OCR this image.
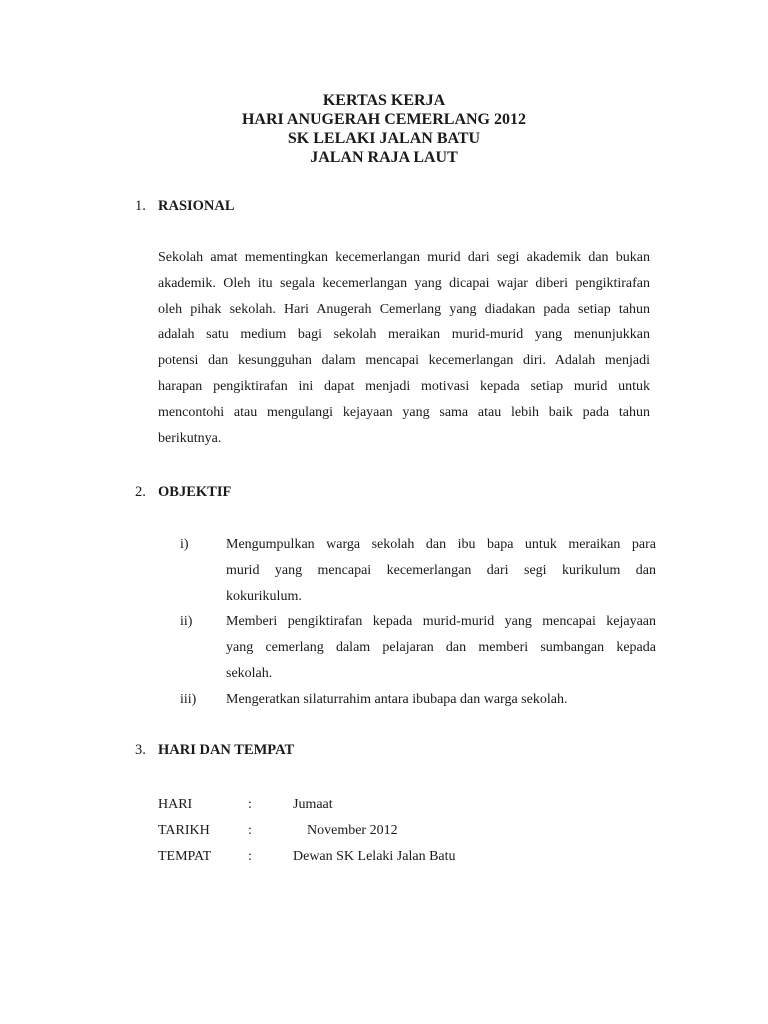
KERTAS KERJA
HARI ANUGERAH CEMERLANG 2012
SK LELAKI JALAN BATU
JALAN RAJA LAUT
1. RASIONAL
Sekolah amat mementingkan kecemerlangan murid dari segi akademik dan bukan
akademik. Oleh itu segala kecemerlangan yang dicapai wajar diberi pengiktirafan
oleh pihak sekolah. Hari Anugerah Cemerlang yang diadakan pada setiap tahun
adalah satu medium bagi sekolah meraikan murid-murid yang menunjukkan
potensi dan kesungguhan dalam mencapai kecemerlangan diri. Adalah menjadi
harapan pengiktirafan ini dapat menjadi motivasi kepada setiap murid untuk
mencontohi atau mengulangi kejayaan yang sama atau lebih baik pada tahun
berikutnya.
2. OBJEKTIF
i)	Mengumpulkan warga sekolah dan ibu bapa untuk meraikan para
murid yang mencapai kecemerlangan dari segi kurikulum dan
kokurikulum.
ii)	Memberi pengiktirafan kepada murid-murid yang mencapai kejayaan
yang cemerlang dalam pelajaran dan memberi sumbangan kepada
sekolah.
iii)	Mengeratkan silaturrahim antara ibubapa dan warga sekolah.
3. HARI DAN TEMPAT
HARI	:	Jumaat
TARIKH	:	November 2012
TEMPAT	:	Dewan SK Lelaki Jalan Batu
